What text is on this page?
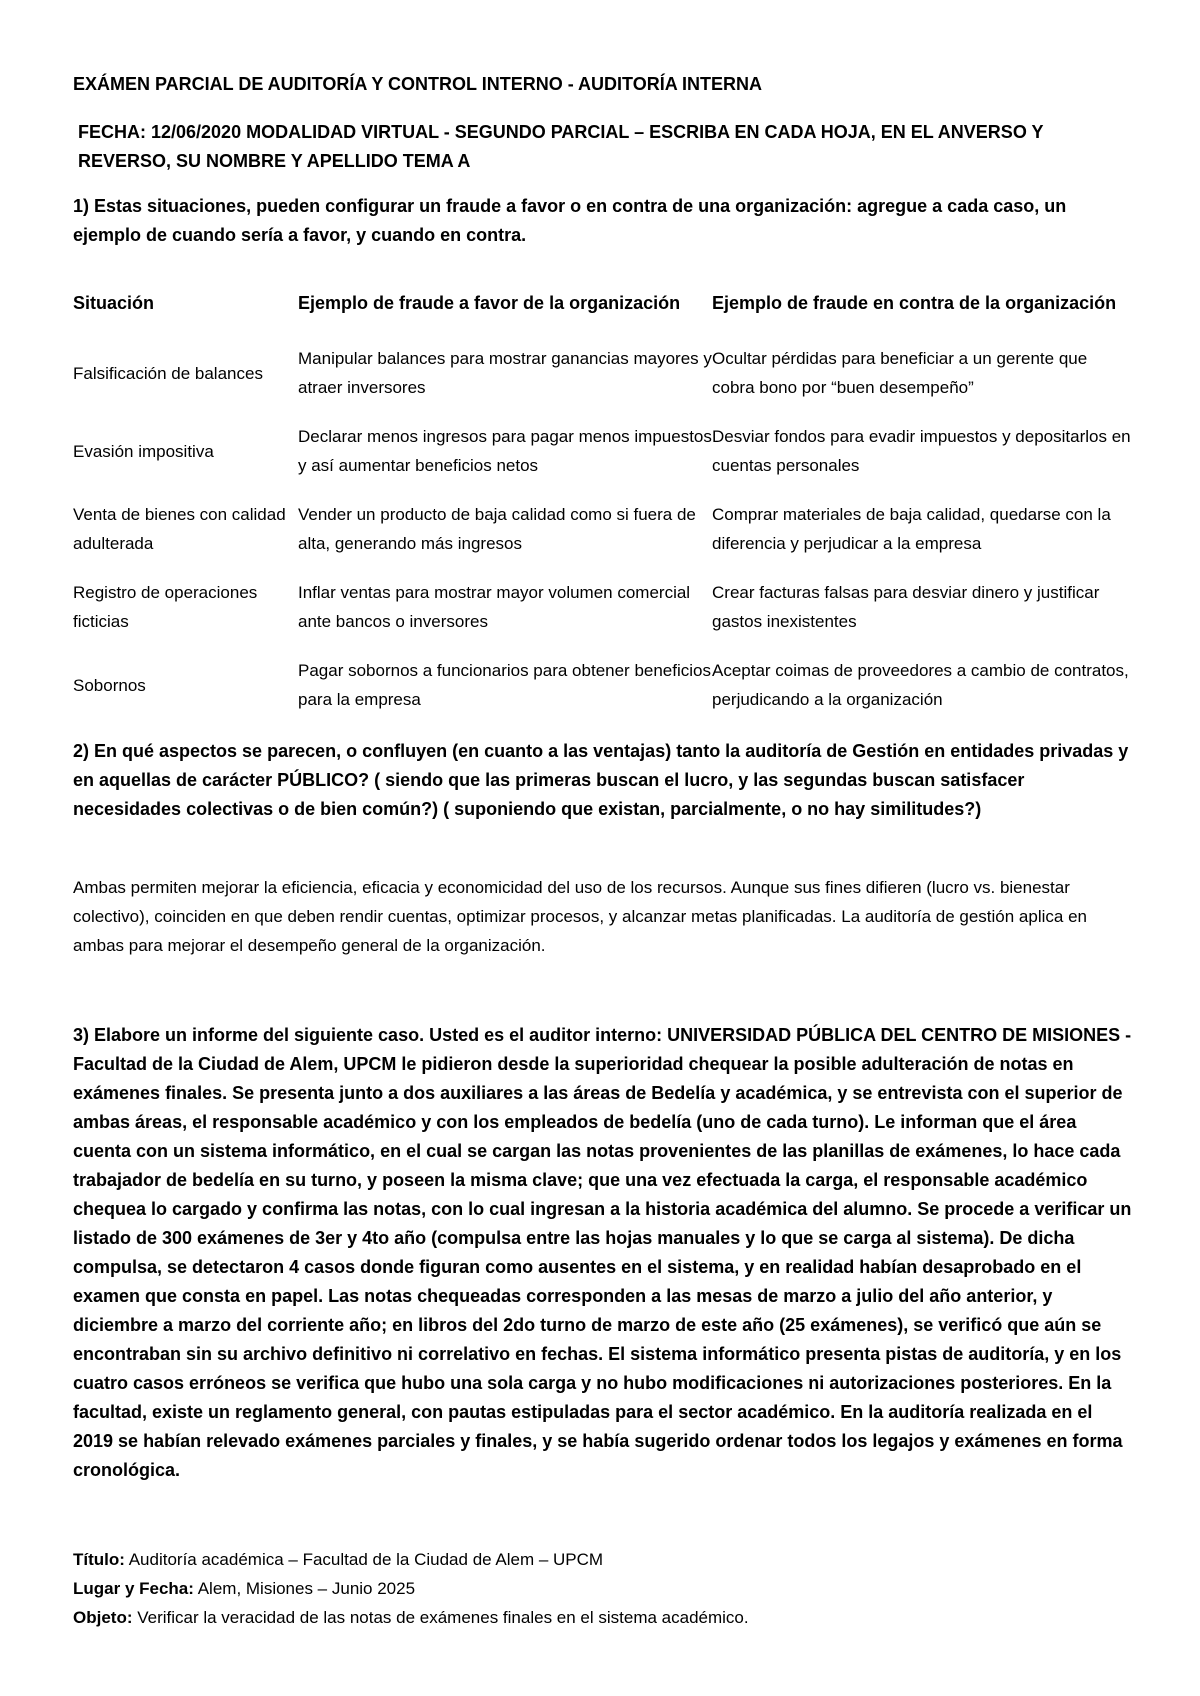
EXÁMEN PARCIAL DE AUDITORÍA Y CONTROL INTERNO - AUDITORÍA INTERNA
FECHA: 12/06/2020 MODALIDAD VIRTUAL - SEGUNDO PARCIAL – ESCRIBA EN CADA HOJA, EN EL ANVERSO Y REVERSO, SU NOMBRE Y APELLIDO TEMA A
1) Estas situaciones, pueden configurar un fraude a favor o en contra de una organización: agregue a cada caso, un ejemplo de cuando sería a favor, y cuando en contra.
Situación	Ejemplo de fraude a favor de la organización	Ejemplo de fraude en contra de la organización
Falsificación de balances	Manipular balances para mostrar ganancias mayores y atraer inversores	Ocultar pérdidas para beneficiar a un gerente que cobra bono por “buen desempeño”
Evasión impositiva	Declarar menos ingresos para pagar menos impuestos y así aumentar beneficios netos	Desviar fondos para evadir impuestos y depositarlos en cuentas personales
Venta de bienes con calidad adulterada	Vender un producto de baja calidad como si fuera de alta, generando más ingresos	Comprar materiales de baja calidad, quedarse con la diferencia y perjudicar a la empresa
Registro de operaciones ficticias	Inflar ventas para mostrar mayor volumen comercial ante bancos o inversores	Crear facturas falsas para desviar dinero y justificar gastos inexistentes
Sobornos	Pagar sobornos a funcionarios para obtener beneficios para la empresa	Aceptar coimas de proveedores a cambio de contratos, perjudicando a la organización
2) En qué aspectos se parecen, o confluyen (en cuanto a las ventajas) tanto la auditoría de Gestión en entidades privadas y en aquellas de carácter PÚBLICO? ( siendo que las primeras buscan el lucro, y las segundas buscan satisfacer necesidades colectivas o de bien común?) ( suponiendo que existan, parcialmente, o no hay similitudes?)
Ambas permiten mejorar la eficiencia, eficacia y economicidad del uso de los recursos. Aunque sus fines difieren (lucro vs. bienestar colectivo), coinciden en que deben rendir cuentas, optimizar procesos, y alcanzar metas planificadas. La auditoría de gestión aplica en ambas para mejorar el desempeño general de la organización.
3) Elabore un informe del siguiente caso. Usted es el auditor interno: UNIVERSIDAD PÚBLICA DEL CENTRO DE MISIONES - Facultad de la Ciudad de Alem, UPCM le pidieron desde la superioridad chequear la posible adulteración de notas en exámenes finales. Se presenta junto a dos auxiliares a las áreas de Bedelía y académica, y se entrevista con el superior de ambas áreas, el responsable académico y con los empleados de bedelía (uno de cada turno). Le informan que el área cuenta con un sistema informático, en el cual se cargan las notas provenientes de las planillas de exámenes, lo hace cada trabajador de bedelía en su turno, y poseen la misma clave; que una vez efectuada la carga, el responsable académico chequea lo cargado y confirma las notas, con lo cual ingresan a la historia académica del alumno. Se procede a verificar un listado de 300 exámenes de 3er y 4to año (compulsa entre las hojas manuales y lo que se carga al sistema). De dicha compulsa, se detectaron 4 casos donde figuran como ausentes en el sistema, y en realidad habían desaprobado en el examen que consta en papel. Las notas chequeadas corresponden a las mesas de marzo a julio del año anterior, y diciembre a marzo del corriente año; en libros del 2do turno de marzo de este año (25 exámenes), se verificó que aún se encontraban sin su archivo definitivo ni correlativo en fechas. El sistema informático presenta pistas de auditoría, y en los cuatro casos erróneos se verifica que hubo una sola carga y no hubo modificaciones ni autorizaciones posteriores. En la facultad, existe un reglamento general, con pautas estipuladas para el sector académico. En la auditoría realizada en el 2019 se habían relevado exámenes parciales y finales, y se había sugerido ordenar todos los legajos y exámenes en forma cronológica.
Título: Auditoría académica – Facultad de la Ciudad de Alem – UPCM
Lugar y Fecha: Alem, Misiones – Junio 2025
Objeto: Verificar la veracidad de las notas de exámenes finales en el sistema académico.
